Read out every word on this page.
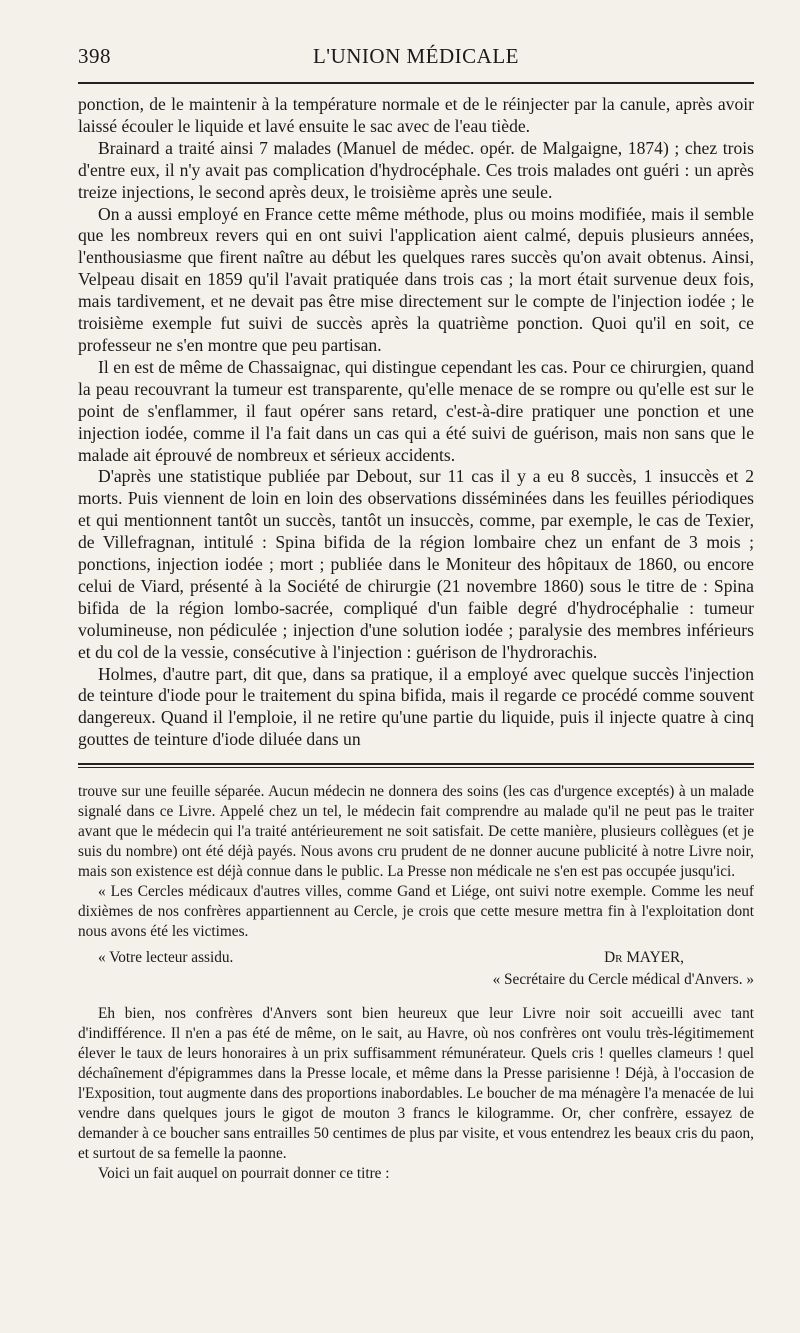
398	L'UNION MÉDICALE

ponction, de le maintenir à la température normale et de le réinjecter par la canule, après avoir laissé écouler le liquide et lavé ensuite le sac avec de l'eau tiède.

Brainard a traité ainsi 7 malades (Manuel de médec. opér. de Malgaigne, 1874) ; chez trois d'entre eux, il n'y avait pas complication d'hydrocéphale. Ces trois malades ont guéri : un après treize injections, le second après deux, le troisième après une seule.

On a aussi employé en France cette même méthode, plus ou moins modifiée, mais il semble que les nombreux revers qui en ont suivi l'application aient calmé, depuis plusieurs années, l'enthousiasme que firent naître au début les quelques rares succès qu'on avait obtenus. Ainsi, Velpeau disait en 1859 qu'il l'avait pratiquée dans trois cas ; la mort était survenue deux fois, mais tardivement, et ne devait pas être mise directement sur le compte de l'injection iodée ; le troisième exemple fut suivi de succès après la quatrième ponction. Quoi qu'il en soit, ce professeur ne s'en montre que peu partisan.

Il en est de même de Chassaignac, qui distingue cependant les cas. Pour ce chirurgien, quand la peau recouvrant la tumeur est transparente, qu'elle menace de se rompre ou qu'elle est sur le point de s'enflammer, il faut opérer sans retard, c'est-à-dire pratiquer une ponction et une injection iodée, comme il l'a fait dans un cas qui a été suivi de guérison, mais non sans que le malade ait éprouvé de nombreux et sérieux accidents.

D'après une statistique publiée par Debout, sur 11 cas il y a eu 8 succès, 1 insuccès et 2 morts. Puis viennent de loin en loin des observations disséminées dans les feuilles périodiques et qui mentionnent tantôt un succès, tantôt un insuccès, comme, par exemple, le cas de Texier, de Villefragnan, intitulé : Spina bifida de la région lombaire chez un enfant de 3 mois ; ponctions, injection iodée ; mort ; publiée dans le Moniteur des hôpitaux de 1860, ou encore celui de Viard, présenté à la Société de chirurgie (21 novembre 1860) sous le titre de : Spina bifida de la région lombo-sacrée, compliqué d'un faible degré d'hydrocéphalie : tumeur volumineuse, non pédiculée ; injection d'une solution iodée ; paralysie des membres inférieurs et du col de la vessie, consécutive à l'injection : guérison de l'hydrorachis.

Holmes, d'autre part, dit que, dans sa pratique, il a employé avec quelque succès l'injection de teinture d'iode pour le traitement du spina bifida, mais il regarde ce procédé comme souvent dangereux. Quand il l'emploie, il ne retire qu'une partie du liquide, puis il injecte quatre à cinq gouttes de teinture d'iode diluée dans un

trouve sur une feuille séparée. Aucun médecin ne donnera des soins (les cas d'urgence exceptés) à un malade signalé dans ce Livre. Appelé chez un tel, le médecin fait comprendre au malade qu'il ne peut pas le traiter avant que le médecin qui l'a traité antérieurement ne soit satisfait. De cette manière, plusieurs collègues (et je suis du nombre) ont été déjà payés. Nous avons cru prudent de ne donner aucune publicité à notre Livre noir, mais son existence est déjà connue dans le public. La Presse non médicale ne s'en est pas occupée jusqu'ici.

« Les Cercles médicaux d'autres villes, comme Gand et Liége, ont suivi notre exemple. Comme les neuf dixièmes de nos confrères appartiennent au Cercle, je crois que cette mesure mettra fin à l'exploitation dont nous avons été les victimes.

« Votre lecteur assidu.	Dr MAYER,
« Secrétaire du Cercle médical d'Anvers. »

Eh bien, nos confrères d'Anvers sont bien heureux que leur Livre noir soit accueilli avec tant d'indifférence. Il n'en a pas été de même, on le sait, au Havre, où nos confrères ont voulu très-légitimement élever le taux de leurs honoraires à un prix suffisamment rémunérateur. Quels cris ! quelles clameurs ! quel déchaînement d'épigrammes dans la Presse locale, et même dans la Presse parisienne ! Déjà, à l'occasion de l'Exposition, tout augmente dans des proportions inabordables. Le boucher de ma ménagère l'a menacée de lui vendre dans quelques jours le gigot de mouton 3 francs le kilogramme. Or, cher confrère, essayez de demander à ce boucher sans entrailles 50 centimes de plus par visite, et vous entendrez les beaux cris du paon, et surtout de sa femelle la paonne.

Voici un fait auquel on pourrait donner ce titre :
